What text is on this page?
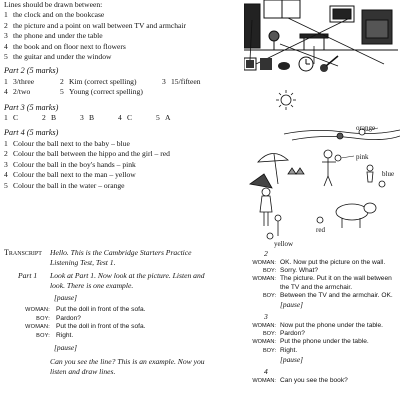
Lines should be drawn between:
1 the clock and on the bookcase
2 the picture and a point on wall between TV and armchair
3 the phone and under the table
4 the book and on floor next to flowers
5 the guitar and under the window
Part 2 (5 marks)
1 3/three	2 Kim (correct spelling)	3 15/fifteen
4 2/two	5 Young (correct spelling)
Part 3 (5 marks)
1 C	2 B	3 B	4 C	5 A
Part 4 (5 marks)
1 Colour the ball next to the baby – blue
2 Colour the ball between the hippo and the girl – red
3 Colour the ball in the boy's hands – pink
4 Colour the ball next to the man – yellow
5 Colour the ball in the water – orange
orange
pink
blue
red
yellow
Transcript	Hello. This is the Cambridge Starters Practice Listening Test, Test 1.
Part 1	Look at Part 1. Now look at the picture. Listen and look. There is one example.
[pause]
WOMAN: Put the doll in front of the sofa.
BOY: Pardon?
WOMAN: Put the doll in front of the sofa.
BOY: Right.
[pause]
Can you see the line? This is an example. Now you listen and draw lines.
2
WOMAN: OK. Now put the picture on the wall.
BOY: Sorry. What?
WOMAN: The picture. Put it on the wall between the TV and the armchair.
BOY: Between the TV and the armchair. OK.
[pause]
3
WOMAN: Now put the phone under the table.
BOY: Pardon?
WOMAN: Put the phone under the table.
BOY: Right.
[pause]
4
WOMAN: Can you see the book?
